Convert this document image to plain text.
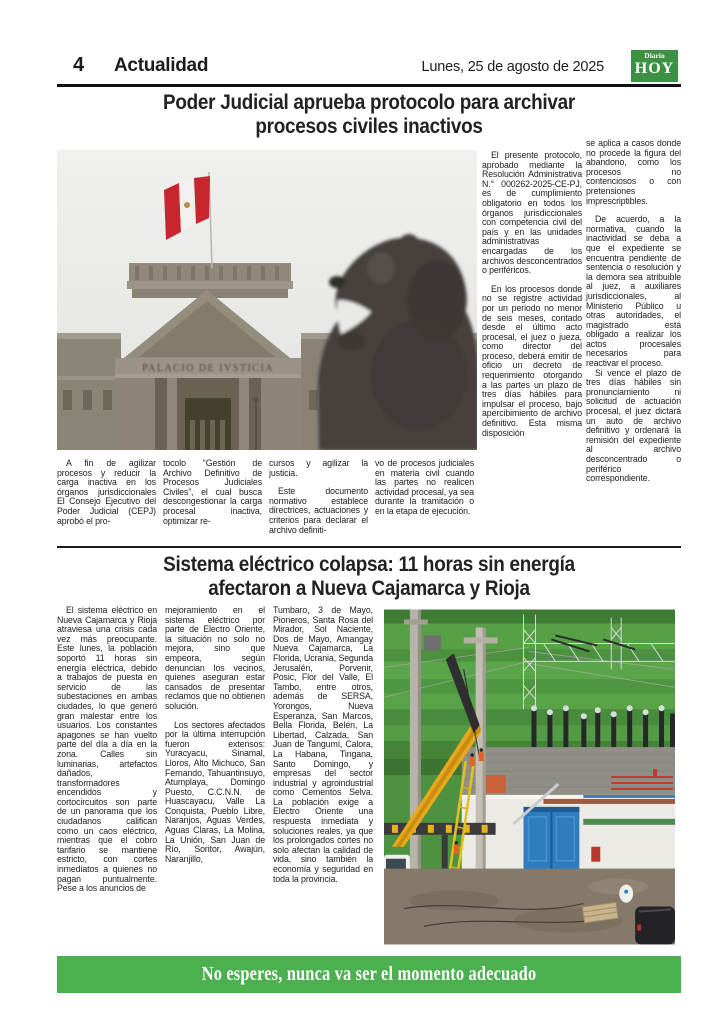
4 Actualidad	Lunes, 25 de agosto de 2025
Diario
HOY
Poder Judicial aprueba protocolo para archivar
procesos civiles inactivos
PALACIO DE IVSTICIA

El presente protocolo, aprobado mediante la Resolución Administrativa N.° 000262-2025-CE-PJ, es de cumplimiento obligatorio en todos los órganos jurisdiccionales con competencia civil del país y en las unidades administrativas encargadas de los archivos desconcentrados o periféricos.

En los procesos donde no se registre actividad por un periodo no menor de seis meses, contado desde el último acto procesal, el juez o jueza, como director del proceso, deberá emitir de oficio un decreto de requerimiento otorgando a las partes un plazo de tres días hábiles para impulsar el proceso, bajo apercibimiento de archivo definitivo. Esta misma disposición

se aplica a casos donde no procede la figura del abandono, como los procesos no contenciosos o con pretensiones imprescriptibles.

De acuerdo, a la normativa, cuando la inactividad se deba a que el expediente se encuentra pendiente de sentencia o resolución y la demora sea atribuible al juez, a auxiliares jurisdiccionales, al Ministerio Público u otras autoridades, el magistrado está obligado a realizar los actos procesales necesarios para reactivar el proceso.

Si vence el plazo de tres días hábiles sin pronunciamiento ni solicitud de actuación procesal, el juez dictará un auto de archivo definitivo y ordenará la remisión del expediente al archivo desconcentrado o periférico correspondiente.

A fin de agilizar procesos y reducir la carga inactiva en los órganos jurisdiccionales El Consejo Ejecutivo del Poder Judicial (CEPJ) aprobó el pro-

tocolo “Gestión de Archivo Definitivo de Procesos Judiciales Civiles”, el cual busca descongestionar la carga procesal inactiva, optimizar re-

cursos y agilizar la justicia.

Este documento normativo establece directrices, actuaciones y criterios para declarar el archivo definiti-

vo de procesos judiciales en materia civil cuando las partes no realicen actividad procesal, ya sea durante la tramitación o en la etapa de ejecución.

Sistema eléctrico colapsa: 11 horas sin energía
afectaron a Nueva Cajamarca y Rioja

El sistema eléctrico en Nueva Cajamarca y Rioja atraviesa una crisis cada vez más preocupante. Este lunes, la población soportó 11 horas sin energía eléctrica, debido a trabajos de puesta en servicio de las subestaciones en ambas ciudades, lo que generó gran malestar entre los usuarios. Los constantes apagones se han vuelto parte del día a día en la zona. Calles sin luminarias, artefactos dañados, transformadores encendidos y cortocircuitos son parte de un panorama que los ciudadanos califican como un caos eléctrico, mientras que el cobro tarifario se mantiene estricto, con cortes inmediatos a quienes no pagan puntualmente. Pese a los anuncios de

mejoramiento en el sistema eléctrico por parte de Electro Oriente, la situación no solo no mejora, sino que empeora, según denuncian los vecinos, quienes aseguran estar cansados de presentar reclamos que no obtienen solución.

Los sectores afectados por la última interrupción fueron extensos: Yuracyacu, Sinamal, Lloros, Alto Michuco, San Fernando, Tahuantinsuyo, Atumplaya, Domingo Puesto, C.C.N.N. de Huascayacu, Valle La Conquista, Pueblo Libre, Naranjos, Aguas Verdes, Aguas Claras, La Molina, La Unión, San Juan de Río, Soritor, Awajún, Naranjillo,

Tumbaro, 3 de Mayo, Pioneros, Santa Rosa del Mirador, Sol Naciente, Dos de Mayo, Amangay Nueva Cajamarca, La Florida, Ucrania, Segunda Jerusalén, Porvenir, Posic, Flor del Valle, El Tambo, entre otros, además de SERSA, Yorongos, Nueva Esperanza, San Marcos, Bella Florida, Belén, La Libertad, Calzada, San Juan de Tangumí, Calora, La Habana, Tingana, Santo Domingo, y empresas del sector industrial y agroindustrial como Cementos Selva. La población exige a Electro Oriente una respuesta inmediata y soluciones reales, ya que los prolongados cortes no solo afectan la calidad de vida, sino también la economía y seguridad en toda la provincia.

No esperes, nunca va ser el momento adecuado
